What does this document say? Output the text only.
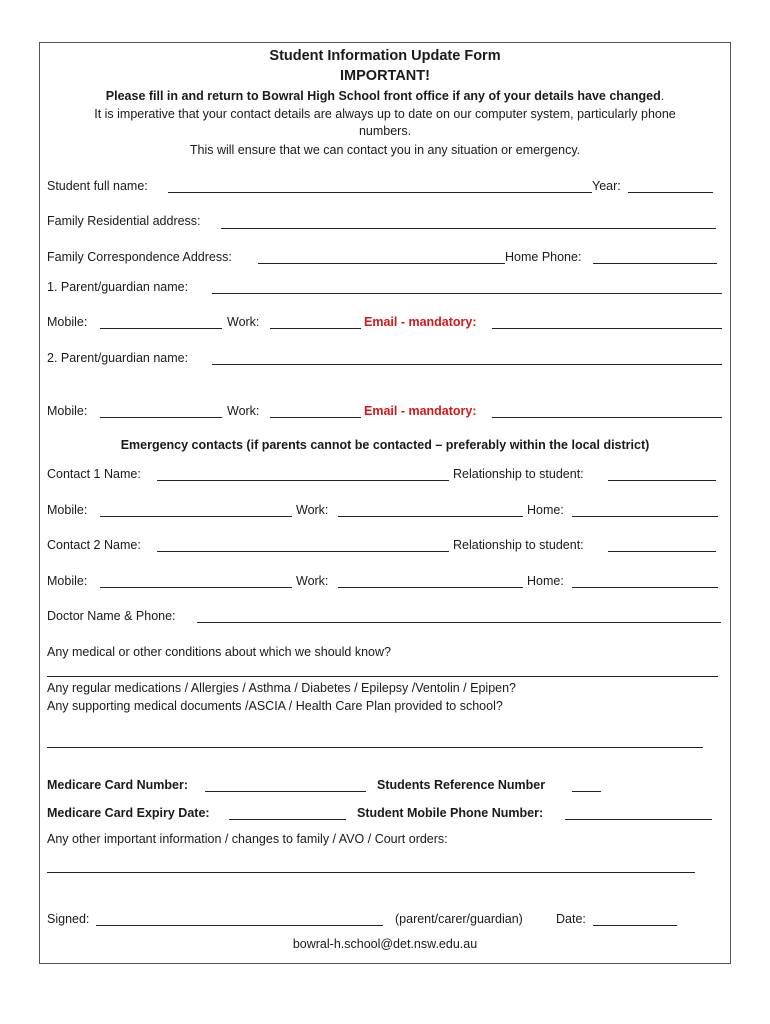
Student Information Update Form
IMPORTANT!
Please fill in and return to Bowral High School front office if any of your details have changed.
It is imperative that your contact details are always up to date on our computer system, particularly phone
numbers.
This will ensure that we can contact you in any situation or emergency.
Student full name:	Year:
Family Residential address:
Family Correspondence Address:	Home Phone:
1. Parent/guardian name:
Mobile:	Work:	Email - mandatory:
2. Parent/guardian name:
Mobile:	Work:	Email - mandatory:
Emergency contacts (if parents cannot be contacted – preferably within the local district)
Contact 1 Name:	Relationship to student:
Mobile:	Work:	Home:
Contact 2 Name:	Relationship to student:
Mobile:	Work:	Home:
Doctor Name & Phone:
Any medical or other conditions about which we should know?
Any regular medications / Allergies / Asthma / Diabetes / Epilepsy /Ventolin / Epipen?
Any supporting medical documents /ASCIA / Health Care Plan provided to school?
Medicare Card Number:	Students Reference Number
Medicare Card Expiry Date:	Student Mobile Phone Number:
Any other important information / changes to family / AVO / Court orders:
Signed:	(parent/carer/guardian)	Date:
bowral-h.school@det.nsw.edu.au
